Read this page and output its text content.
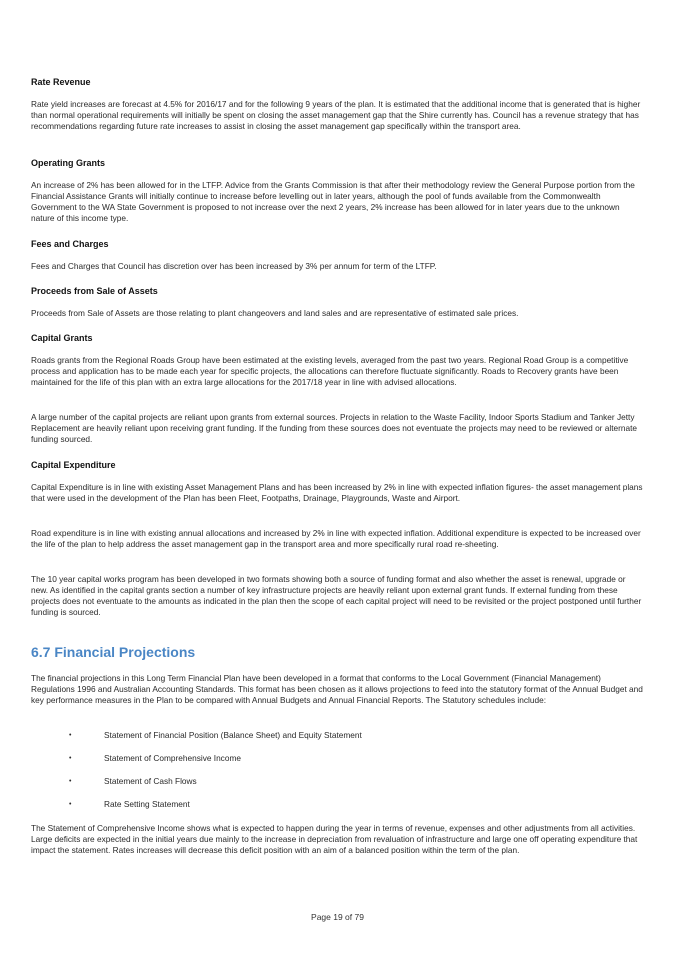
Rate Revenue

Rate yield increases are forecast at 4.5% for 2016/17 and for the following 9 years of the plan. It is estimated that the additional income that is generated that is higher than normal operational requirements will initially be spent on closing the asset management gap that the Shire currently has. Council has a revenue strategy that has recommendations regarding future rate increases to assist in closing the asset management gap specifically within the transport area.

Operating Grants

An increase of 2% has been allowed for in the LTFP. Advice from the Grants Commission is that after their methodology review the General Purpose portion from the Financial Assistance Grants will initially continue to increase before levelling out in later years, although the pool of funds available from the Commonwealth Government to the WA State Government is proposed to not increase over the next 2 years, 2% increase has been allowed for in later years due to the unknown nature of this income type.

Fees and Charges

Fees and Charges that Council has discretion over has been increased by 3% per annum for term of the LTFP.

Proceeds from Sale of Assets

Proceeds from Sale of Assets are those relating to plant changeovers and land sales and are representative of estimated sale prices.

Capital Grants

Roads grants from the Regional Roads Group have been estimated at the existing levels, averaged from the past two years. Regional Road Group is a competitive process and application has to be made each year for specific projects, the allocations can therefore fluctuate significantly. Roads to Recovery grants have been maintained for the life of this plan with an extra large allocations for the 2017/18 year in line with advised allocations.

A large number of the capital projects are reliant upon grants from external sources. Projects in relation to the Waste Facility, Indoor Sports Stadium and Tanker Jetty Replacement are heavily reliant upon receiving grant funding. If the funding from these sources does not eventuate the projects may need to be reviewed or alternate funding sourced.

Capital Expenditure

Capital Expenditure is in line with existing Asset Management Plans and has been increased by 2% in line with expected inflation figures- the asset management plans that were used in the development of the Plan has been Fleet, Footpaths, Drainage, Playgrounds, Waste and Airport.

Road expenditure is in line with existing annual allocations and increased by 2% in line with expected inflation. Additional expenditure is expected to be increased over the life of the plan to help address the asset management gap in the transport area and more specifically rural road re-sheeting.

The 10 year capital works program has been developed in two formats showing both a source of funding format and also whether the asset is renewal, upgrade or new. As identified in the capital grants section a number of key infrastructure projects are heavily reliant upon external grant funds. If external funding from these projects does not eventuate to the amounts as indicated in the plan then the scope of each capital project will need to be revisited or the project postponed until further funding is sourced.

6.7 Financial Projections

The financial projections in this Long Term Financial Plan have been developed in a format that conforms to the Local Government (Financial Management) Regulations 1996 and Australian Accounting Standards. This format has been chosen as it allows projections to feed into the statutory format of the Annual Budget and key performance measures in the Plan to be compared with Annual Budgets and Annual Financial Reports. The Statutory schedules include:

•	Statement of Financial Position (Balance Sheet) and Equity Statement
•	Statement of Comprehensive Income
•	Statement of Cash Flows
•	Rate Setting Statement

The Statement of Comprehensive Income shows what is expected to happen during the year in terms of revenue, expenses and other adjustments from all activities. Large deficits are expected in the initial years due mainly to the increase in depreciation from revaluation of infrastructure and large one off operating expenditure that impact the statement. Rates increases will decrease this deficit position with an aim of a balanced position within the term of the plan.

Page 19 of 79
